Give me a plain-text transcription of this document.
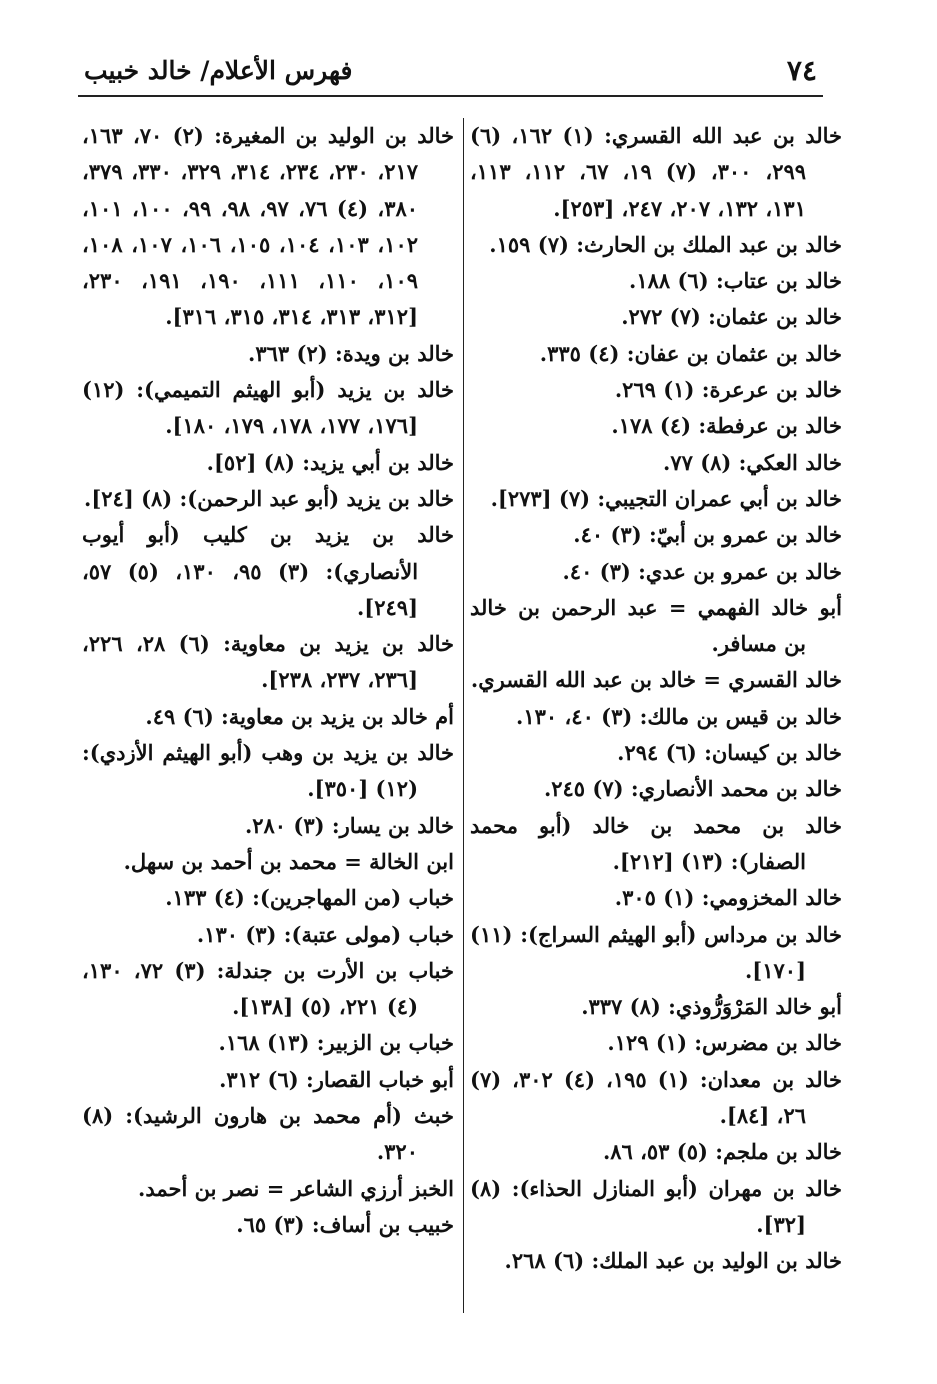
٧٤
فهرس الأعلام/ خالد خبيب
خالد بن عبد الله القسري: (١) ١٦٢، (٦) ٢٩٩، ٣٠٠، (٧) ١٩، ٦٧، ١١٢، ١١٣، ١٣١، ١٣٢، ٢٠٧، ٢٤٧، [٢٥٣].
خالد بن عبد الملك بن الحارث: (٧) ١٥٩.
خالد بن عتاب: (٦) ١٨٨.
خالد بن عثمان: (٧) ٢٧٢.
خالد بن عثمان بن عفان: (٤) ٣٣٥.
خالد بن عرعرة: (١) ٢٦٩.
خالد بن عرفطة: (٤) ١٧٨.
خالد العكي: (٨) ٧٧.
خالد بن أبي عمران التجيبي: (٧) [٢٧٣].
خالد بن عمرو بن أبيّ: (٣) ٤٠.
خالد بن عمرو بن عدي: (٣) ٤٠.
أبو خالد الفهمي = عبد الرحمن بن خالد بن مسافر.
خالد القسري = خالد بن عبد الله القسري.
خالد بن قيس بن مالك: (٣) ٤٠، ١٣٠.
خالد بن كيسان: (٦) ٢٩٤.
خالد بن محمد الأنصاري: (٧) ٢٤٥.
خالد بن محمد بن خالد (أبو محمد الصفار): (١٣) [٢١٢].
خالد المخزومي: (١) ٣٠٥.
خالد بن مرداس (أبو الهيثم السراج): (١١) [١٧٠].
أبو خالد المَرْوَرُّوذي: (٨) ٣٣٧.
خالد بن مضرس: (١) ١٢٩.
خالد بن معدان: (١) ١٩٥، (٤) ٣٠٢، (٧) ٢٦، [٨٤].
خالد بن ملجم: (٥) ٥٣، ٨٦.
خالد بن مهران (أبو المنازل الحذاء): (٨) [٣٢].
خالد بن الوليد بن عبد الملك: (٦) ٢٦٨.
خالد بن الوليد بن المغيرة: (٢) ٧٠، ١٦٣، ٢١٧، ٢٣٠، ٢٣٤، ٣١٤، ٣٢٩، ٣٣٠، ٣٧٩، ٣٨٠، (٤) ٧٦، ٩٧، ٩٨، ٩٩، ١٠٠، ١٠١، ١٠٢، ١٠٣، ١٠٤، ١٠٥، ١٠٦، ١٠٧، ١٠٨، ١٠٩، ١١٠، ١١١، ١٩٠، ١٩١، ٢٣٠، [٣١٢، ٣١٣، ٣١٤، ٣١٥، ٣١٦].
خالد بن ويدة: (٢) ٣٦٣.
خالد بن يزيد (أبو الهيثم التميمي): (١٢) [١٧٦، ١٧٧، ١٧٨، ١٧٩، ١٨٠].
خالد بن أبي يزيد: (٨) [٥٢].
خالد بن يزيد (أبو عبد الرحمن): (٨) [٢٤].
خالد بن يزيد بن كليب (أبو أيوب الأنصاري): (٣) ٩٥، ١٣٠، (٥) ٥٧، [٢٤٩].
خالد بن يزيد بن معاوية: (٦) ٢٨، ٢٢٦، [٢٣٦، ٢٣٧، ٢٣٨].
أم خالد بن يزيد بن معاوية: (٦) ٤٩.
خالد بن يزيد بن وهب (أبو الهيثم الأزدي): (١٢) [٣٥٠].
خالد بن يسار: (٣) ٢٨٠.
ابن الخالة = محمد بن أحمد بن سهل.
خباب (من المهاجرين): (٤) ١٣٣.
خباب (مولى عتبة): (٣) ١٣٠.
خباب بن الأرت بن جندلة: (٣) ٧٢، ١٣٠، (٤) ٢٢١، (٥) [١٣٨].
خباب بن الزبير: (١٣) ١٦٨.
أبو خباب القصار: (٦) ٣١٢.
خبث (أم محمد بن هارون الرشيد): (٨) ٣٢٠.
الخبز أرزي الشاعر = نصر بن أحمد.
خبيب بن أساف: (٣) ٦٥.
